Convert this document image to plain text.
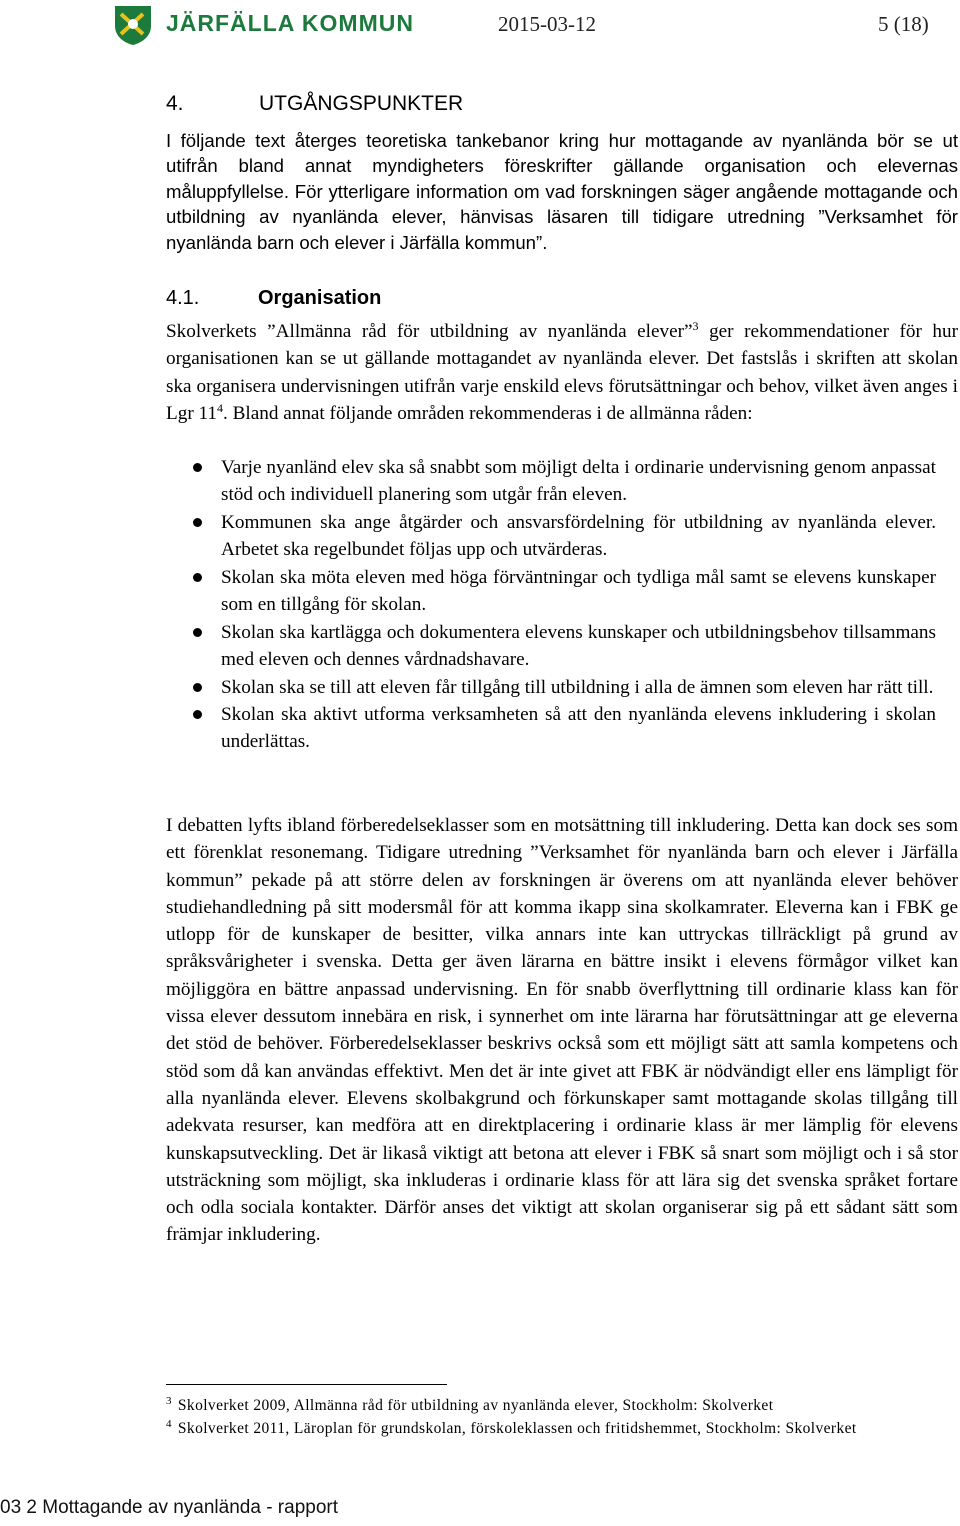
JÄRFÄLLA KOMMUN	2015-03-12	5 (18)
4.	UTGÅNGSPUNKTER
I följande text återges teoretiska tankebanor kring hur mottagande av nyanlända bör se ut utifrån bland annat myndigheters föreskrifter gällande organisation och elevernas måluppfyllelse. För ytterligare information om vad forskningen säger angående mottagande och utbildning av nyanlända elever, hänvisas läsaren till tidigare utredning ”Verksamhet för nyanlända barn och elever i Järfälla kommun”.
4.1.	Organisation
Skolverkets ”Allmänna råd för utbildning av nyanlända elever”$^3$ ger rekommendationer för hur organisationen kan se ut gällande mottagandet av nyanlända elever. Det fastslås i skriften att skolan ska organisera undervisningen utifrån varje enskild elevs förutsättningar och behov, vilket även anges i Lgr $11^4$. Bland annat följande områden rekommenderas i de allmänna råden:
Varje nyanländ elev ska så snabbt som möjligt delta i ordinarie undervisning genom anpassat stöd och individuell planering som utgår från eleven.
Kommunen ska ange åtgärder och ansvarsfördelning för utbildning av nyanlända elever. Arbetet ska regelbundet följas upp och utvärderas.
Skolan ska möta eleven med höga förväntningar och tydliga mål samt se elevens kunskaper som en tillgång för skolan.
Skolan ska kartlägga och dokumentera elevens kunskaper och utbildningsbehov tillsammans med eleven och dennes vårdnadshavare.
Skolan ska se till att eleven får tillgång till utbildning i alla de ämnen som eleven har rätt till.
Skolan ska aktivt utforma verksamheten så att den nyanlända elevens inkludering i skolan underlättas.
I debatten lyfts ibland förberedelseklasser som en motsättning till inkludering. Detta kan dock ses som ett förenklat resonemang. Tidigare utredning ”Verksamhet för nyanlända barn och elever i Järfälla kommun” pekade på att större delen av forskningen är överens om att nyanlända elever behöver studiehandledning på sitt modersmål för att komma ikapp sina skolkamrater. Eleverna kan i FBK ge utlopp för de kunskaper de besitter, vilka annars inte kan uttryckas tillräckligt på grund av språksvårigheter i svenska. Detta ger även lärarna en bättre insikt i elevens förmågor vilket kan möjliggöra en bättre anpassad undervisning. En för snabb överflyttning till ordinarie klass kan för vissa elever dessutom innebära en risk, i synnerhet om inte lärarna har förutsättningar att ge eleverna det stöd de behöver. Förberedelseklasser beskrivs också som ett möjligt sätt att samla kompetens och stöd som då kan användas effektivt. Men det är inte givet att FBK är nödvändigt eller ens lämpligt för alla nyanlända elever. Elevens skolbakgrund och förkunskaper samt mottagande skolas tillgång till adekvata resurser, kan medföra att en direktplacering i ordinarie klass är mer lämplig för elevens kunskapsutveckling. Det är likaså viktigt att betona att elever i FBK så snart som möjligt och i så stor utsträckning som möjligt, ska inkluderas i ordinarie klass för att lära sig det svenska språket fortare och odla sociala kontakter. Därför anses det viktigt att skolan organiserar sig på ett sådant sätt som främjar inkludering.
$^3$ Skolverket 2009, Allmänna råd för utbildning av nyanlända elever, Stockholm: Skolverket
$^4$ Skolverket 2011, Läroplan för grundskolan, förskoleklassen och fritidshemmet, Stockholm: Skolverket
03 2 Mottagande av nyanlända - rapport
